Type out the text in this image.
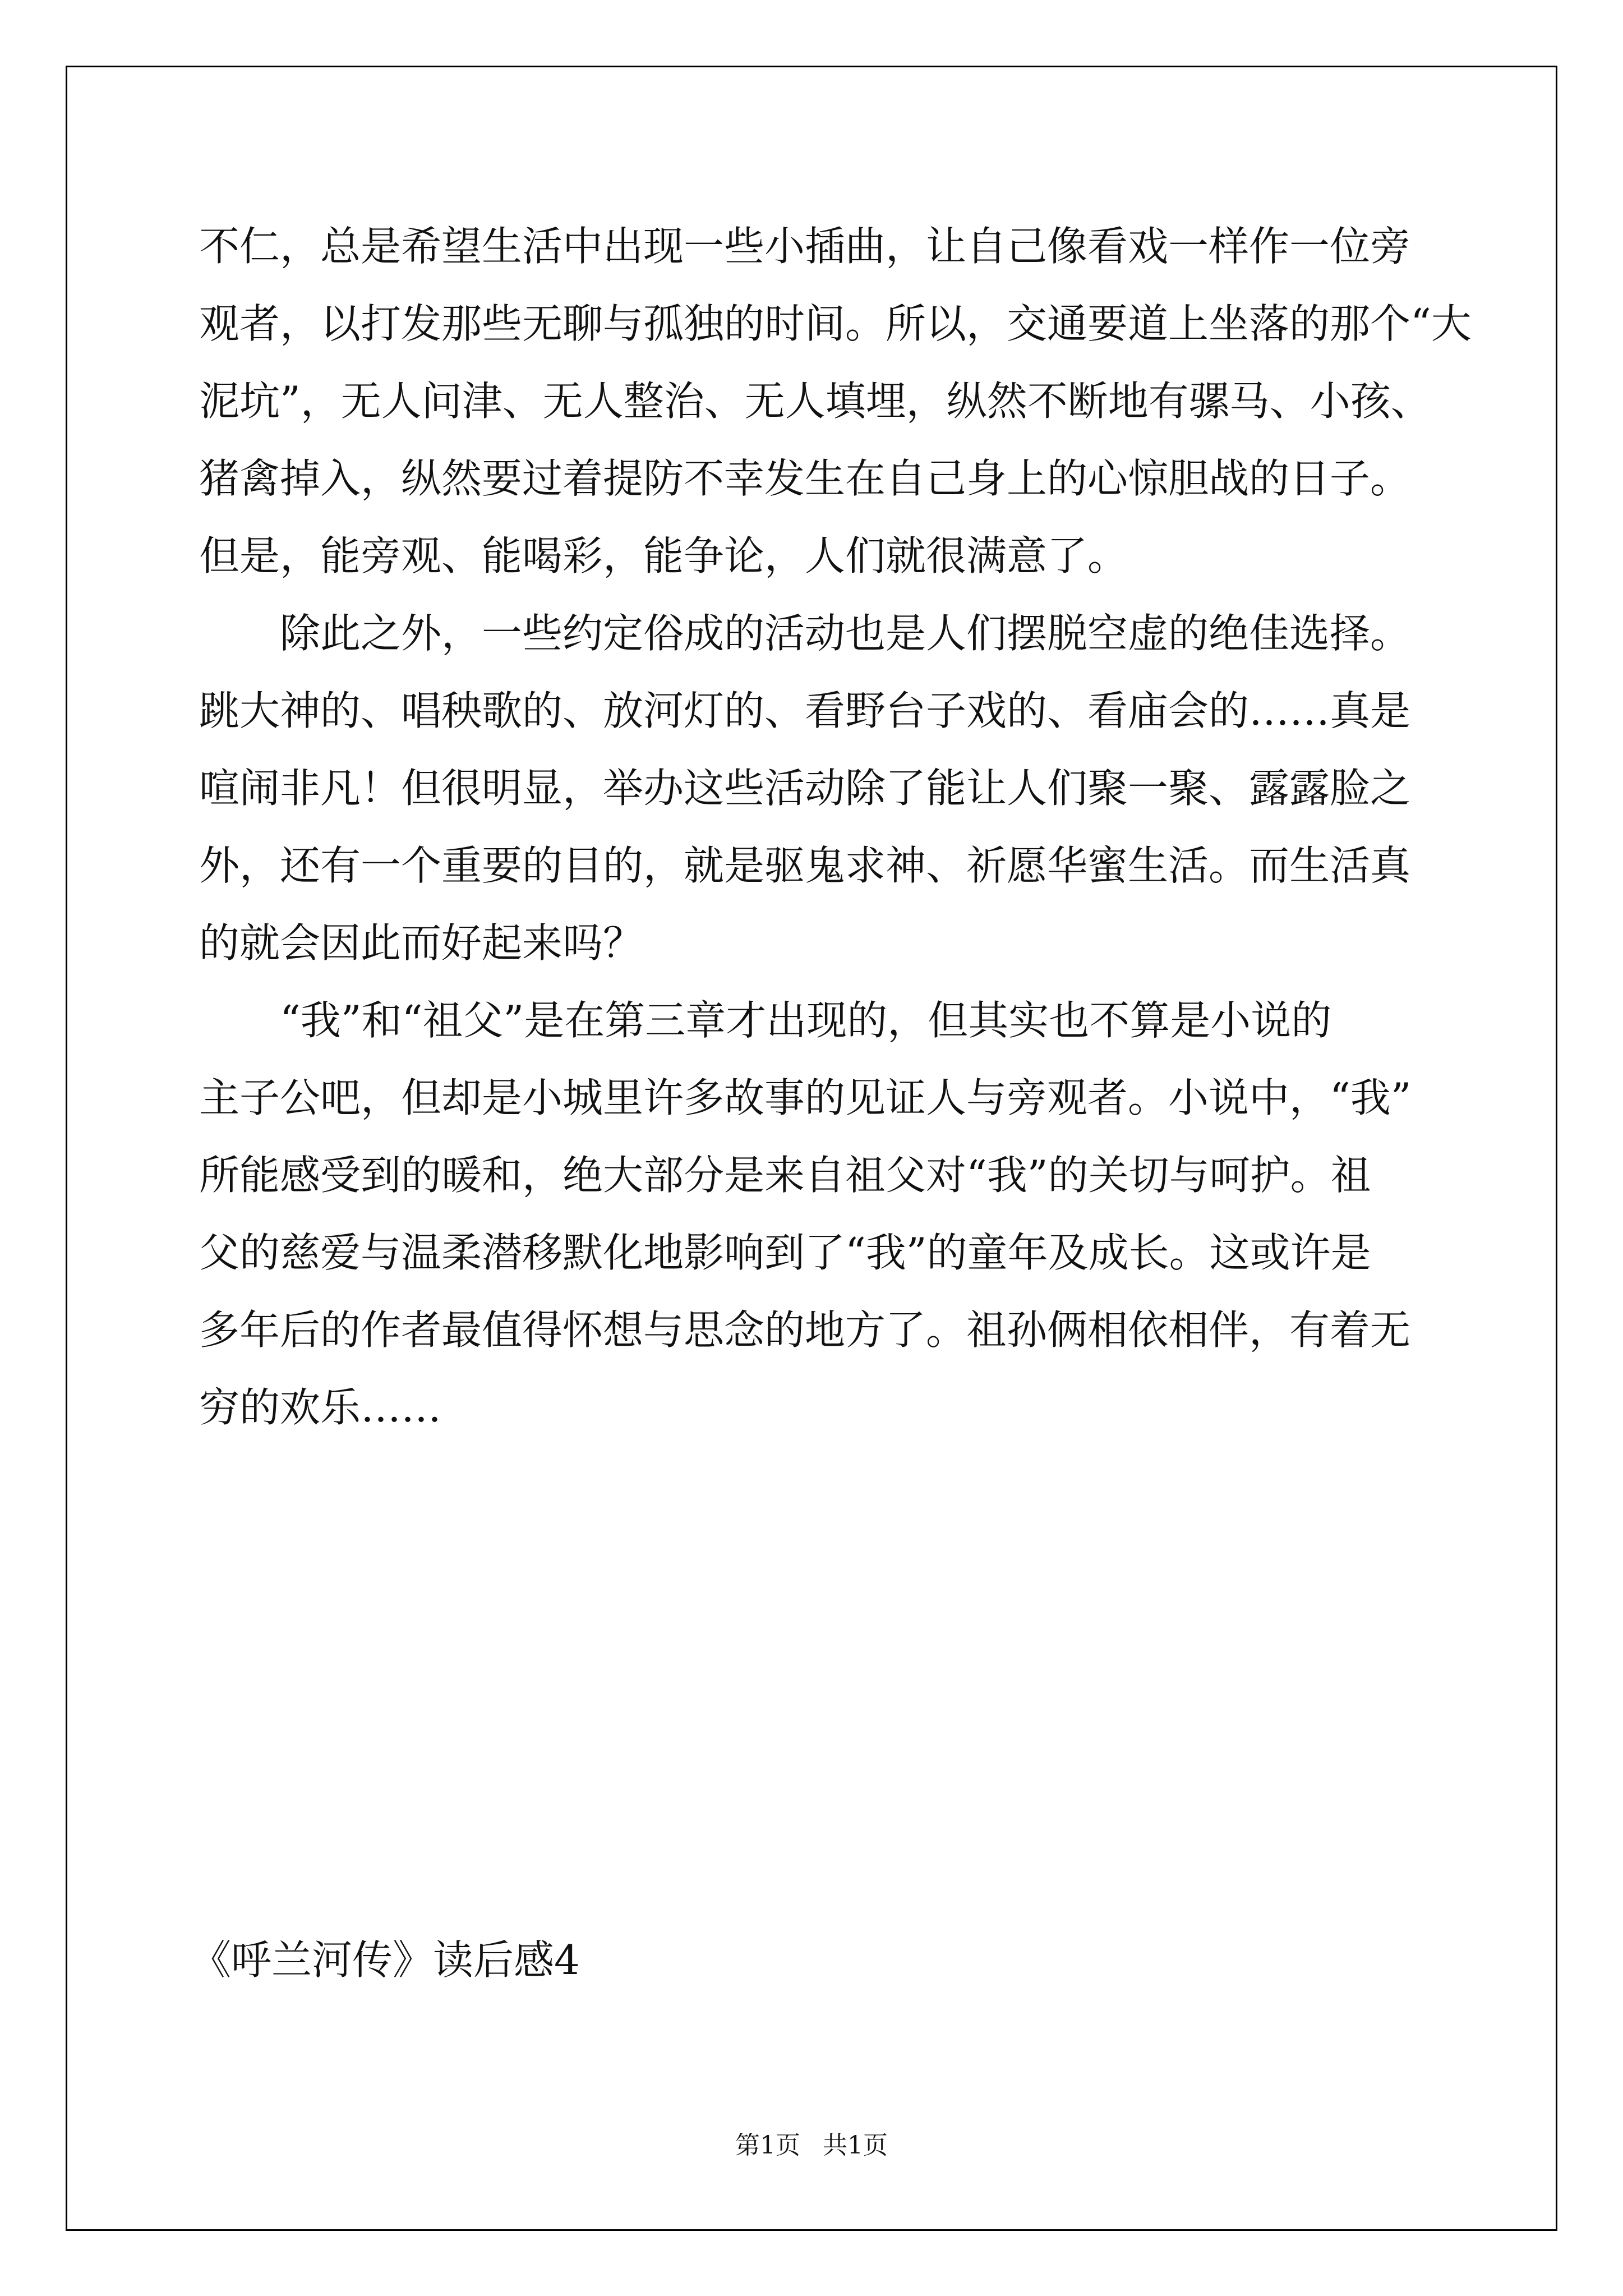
不仁，总是希望生活中出现一些小插曲，让自己像看戏一样作一位旁
观者，以打发那些无聊与孤独的时间。所以，交通要道上坐落的那个“大
泥坑”，无人问津、无人整治、无人填埋，纵然不断地有骡马、小孩、
猪禽掉入，纵然要过着提防不幸发生在自己身上的心惊胆战的日子。
但是，能旁观、能喝彩，能争论，人们就很满意了。
除此之外，一些约定俗成的活动也是人们摆脱空虚的绝佳选择。
跳大神的、唱秧歌的、放河灯的、看野台子戏的、看庙会的……真是
喧闹非凡！但很明显，举办这些活动除了能让人们聚一聚、露露脸之
外，还有一个重要的目的，就是驱鬼求神、祈愿华蜜生活。而生活真
的就会因此而好起来吗？
“我”和“祖父”是在第三章才出现的，但其实也不算是小说的
主子公吧，但却是小城里许多故事的见证人与旁观者。小说中，“我”
所能感受到的暖和，绝大部分是来自祖父对“我”的关切与呵护。祖
父的慈爱与温柔潜移默化地影响到了“我”的童年及成长。这或许是
多年后的作者最值得怀想与思念的地方了。祖孙俩相依相伴，有着无
穷的欢乐……
《呼兰河传》读后感4
第1页 共1页
